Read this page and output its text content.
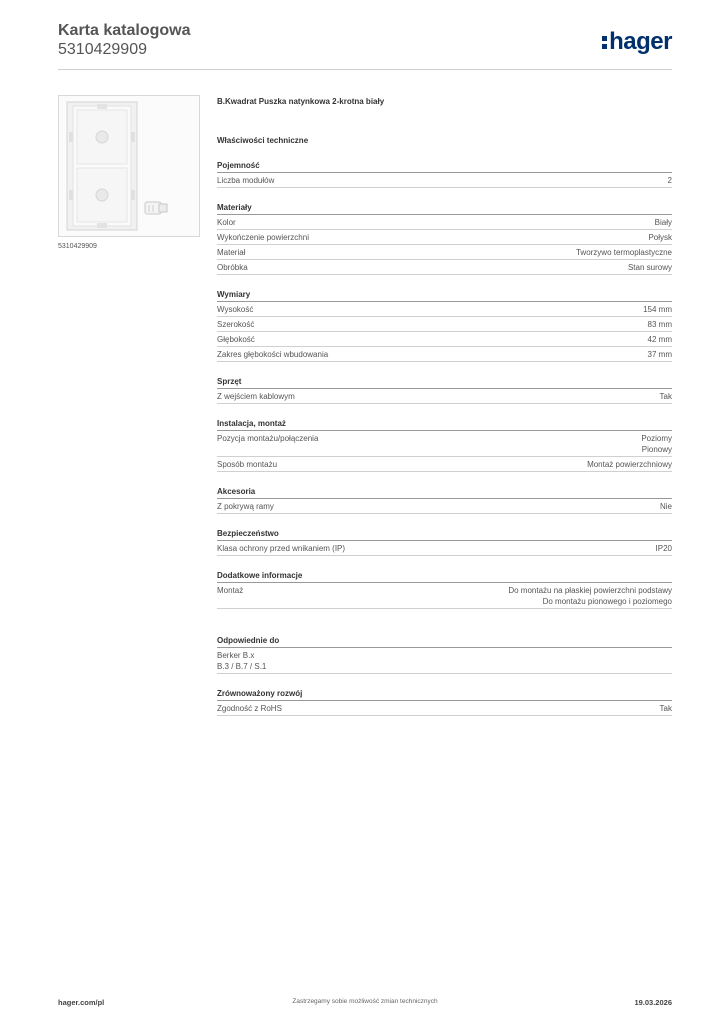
Karta katalogowa
5310429909	hager
5310429909
B.Kwadrat Puszka natynkowa 2-krotna biały
Właściwości techniczne
Pojemność
Liczba modułów	2
Materiały
Kolor	Biały
Wykończenie powierzchni	Połysk
Materiał	Tworzywo termoplastyczne
Obróbka	Stan surowy
Wymiary
Wysokość	154 mm
Szerokość	83 mm
Głębokość	42 mm
Zakres głębokości wbudowania	37 mm
Sprzęt
Z wejściem kablowym	Tak
Instalacja, montaż
Pozycja montażu/połączenia	Poziomy
Pionowy
Sposób montażu	Montaż powierzchniowy
Akcesoria
Z pokrywą ramy	Nie
Bezpieczeństwo
Klasa ochrony przed wnikaniem (IP)	IP20
Dodatkowe informacje
Montaż	Do montażu na płaskiej powierzchni podstawy
Do montażu pionowego i poziomego
Odpowiednie do
Berker B.x
B.3 / B.7 / S.1
Zrównoważony rozwój
Zgodność z RoHS	Tak
hager.com/pl	Zastrzegamy sobie możliwość zmian technicznych	19.03.2026
